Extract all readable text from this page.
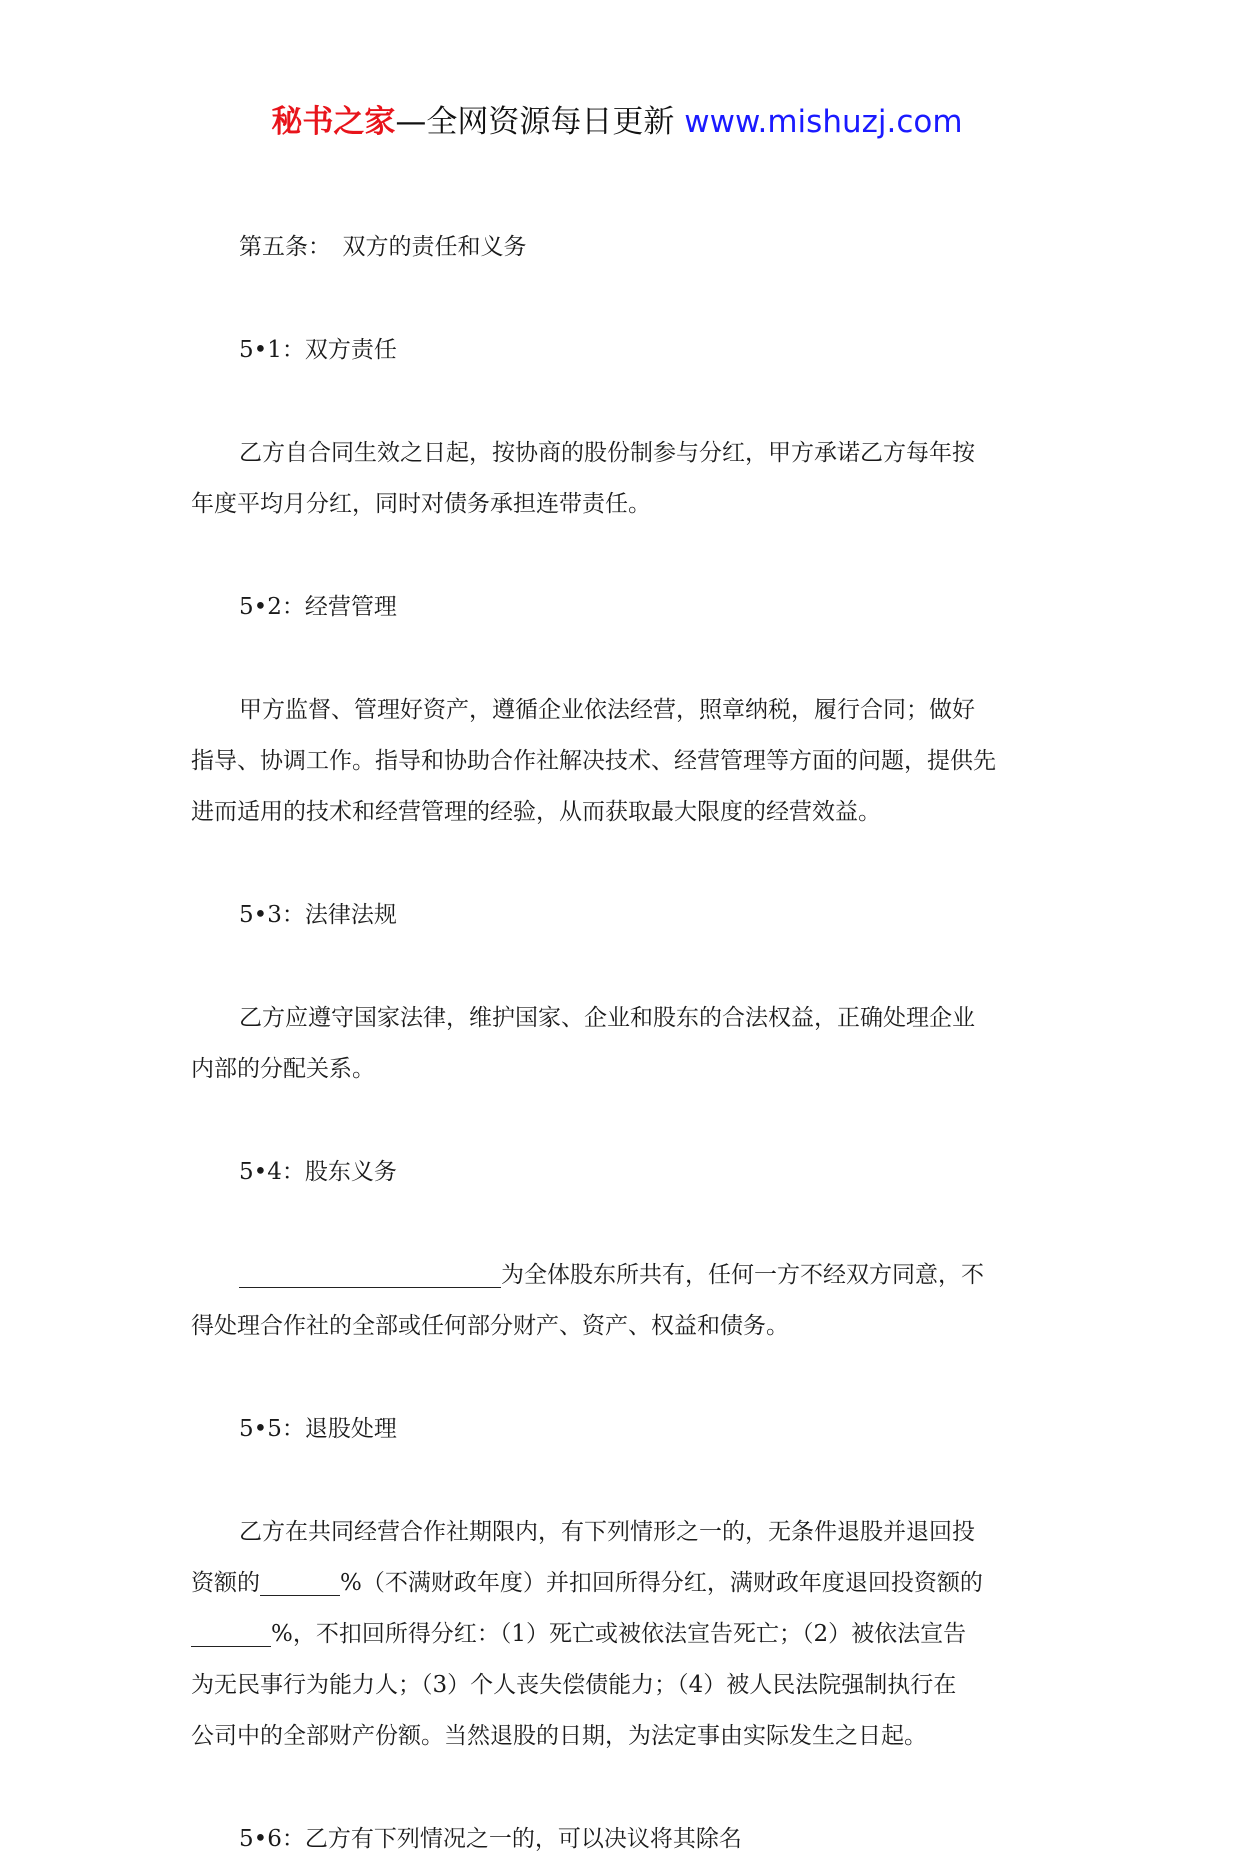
秘书之家—全网资源每日更新 www.mishuzj.com
第五条：　双方的责任和义务
5•1：双方责任
乙方自合同生效之日起，按协商的股份制参与分红，甲方承诺乙方每年按
年度平均月分红，同时对债务承担连带责任。
5•2：经营管理
甲方监督、管理好资产，遵循企业依法经营，照章纳税，履行合同；做好
指导、协调工作。指导和协助合作社解决技术、经营管理等方面的问题，提供先
进而适用的技术和经营管理的经验，从而获取最大限度的经营效益。
5•3：法律法规
乙方应遵守国家法律，维护国家、企业和股东的合法权益，正确处理企业
内部的分配关系。
5•4：股东义务
为全体股东所共有，任何一方不经双方同意，不
得处理合作社的全部或任何部分财产、资产、权益和债务。
5•5：退股处理
乙方在共同经营合作社期限内，有下列情形之一的，无条件退股并退回投
资额的	%（不满财政年度）并扣回所得分红，满财政年度退回投资额的
%，不扣回所得分红：（1）死亡或被依法宣告死亡；（2）被依法宣告
为无民事行为能力人；（3）个人丧失偿债能力；（4）被人民法院强制执行在
公司中的全部财产份额。当然退股的日期，为法定事由实际发生之日起。
5•6：乙方有下列情况之一的，可以决议将其除名
